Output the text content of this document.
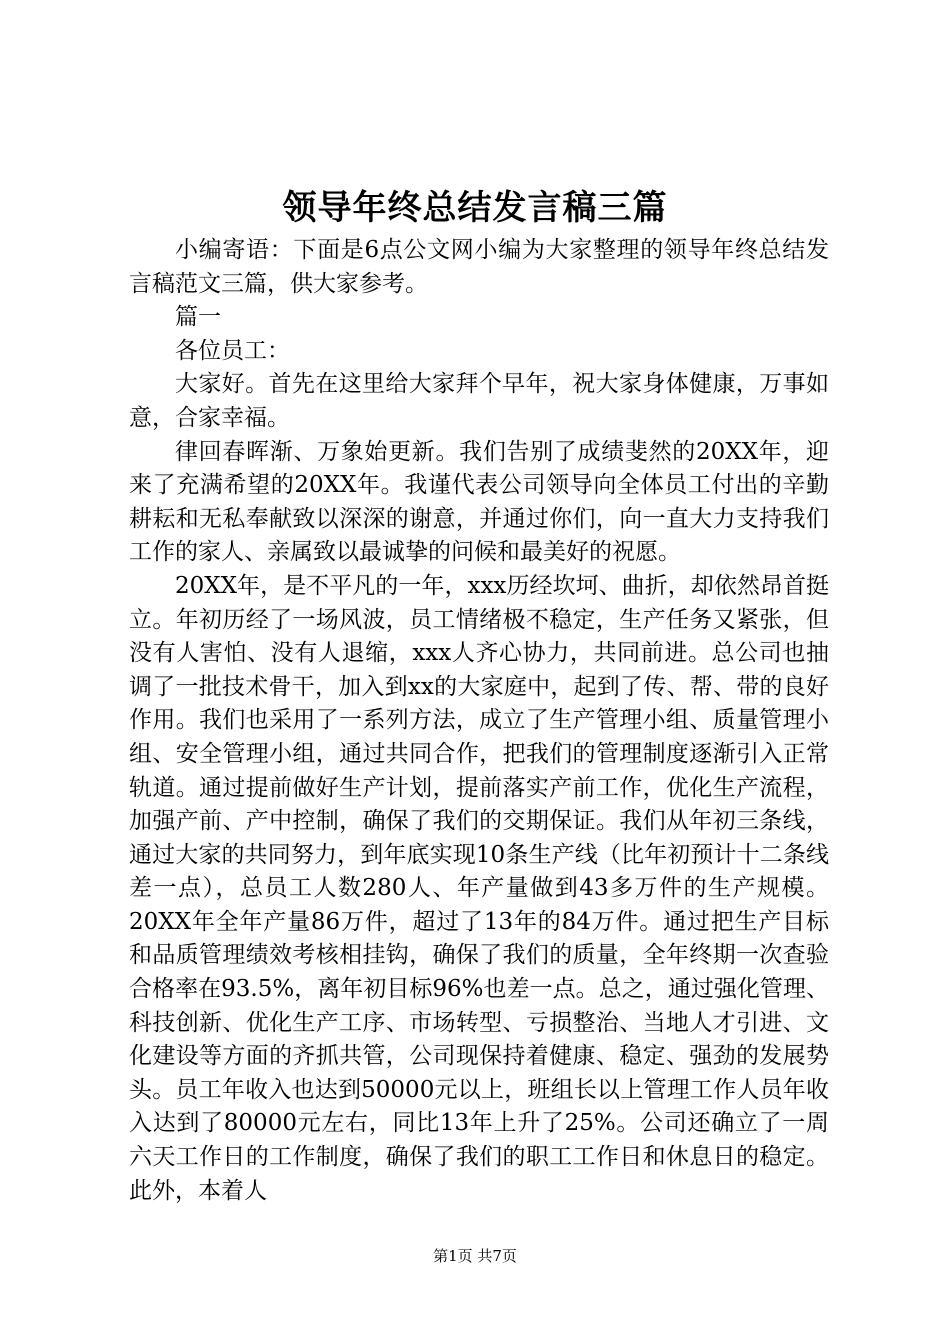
领导年终总结发言稿三篇

小编寄语：下面是6点公文网小编为大家整理的领导年终总结发言稿范文三篇，供大家参考。

篇一

各位员工：

大家好。首先在这里给大家拜个早年，祝大家身体健康，万事如意，合家幸福。

律回春晖渐、万象始更新。我们告别了成绩斐然的20XX年，迎来了充满希望的20XX年。我谨代表公司领导向全体员工付出的辛勤耕耘和无私奉献致以深深的谢意，并通过你们，向一直大力支持我们工作的家人、亲属致以最诚挚的问候和最美好的祝愿。

20XX年，是不平凡的一年，xxx历经坎坷、曲折，却依然昂首挺立。年初历经了一场风波，员工情绪极不稳定，生产任务又紧张，但没有人害怕、没有人退缩，xxx人齐心协力，共同前进。总公司也抽调了一批技术骨干，加入到xx的大家庭中，起到了传、帮、带的良好作用。我们也采用了一系列方法，成立了生产管理小组、质量管理小组、安全管理小组，通过共同合作，把我们的管理制度逐渐引入正常轨道。通过提前做好生产计划，提前落实产前工作，优化生产流程，加强产前、产中控制，确保了我们的交期保证。我们从年初三条线，通过大家的共同努力，到年底实现10条生产线（比年初预计十二条线差一点），总员工人数280人、年产量做到43多万件的生产规模。20XX年全年产量86万件，超过了13年的84万件。通过把生产目标和品质管理绩效考核相挂钩，确保了我们的质量，全年终期一次查验合格率在93.5%，离年初目标96%也差一点。总之，通过强化管理、科技创新、优化生产工序、市场转型、亏损整治、当地人才引进、文化建设等方面的齐抓共管，公司现保持着健康、稳定、强劲的发展势头。员工年收入也达到50000元以上，班组长以上管理工作人员年收入达到了80000元左右，同比13年上升了25%。公司还确立了一周六天工作日的工作制度，确保了我们的职工工作日和休息日的稳定。此外，本着人

第1页 共7页
